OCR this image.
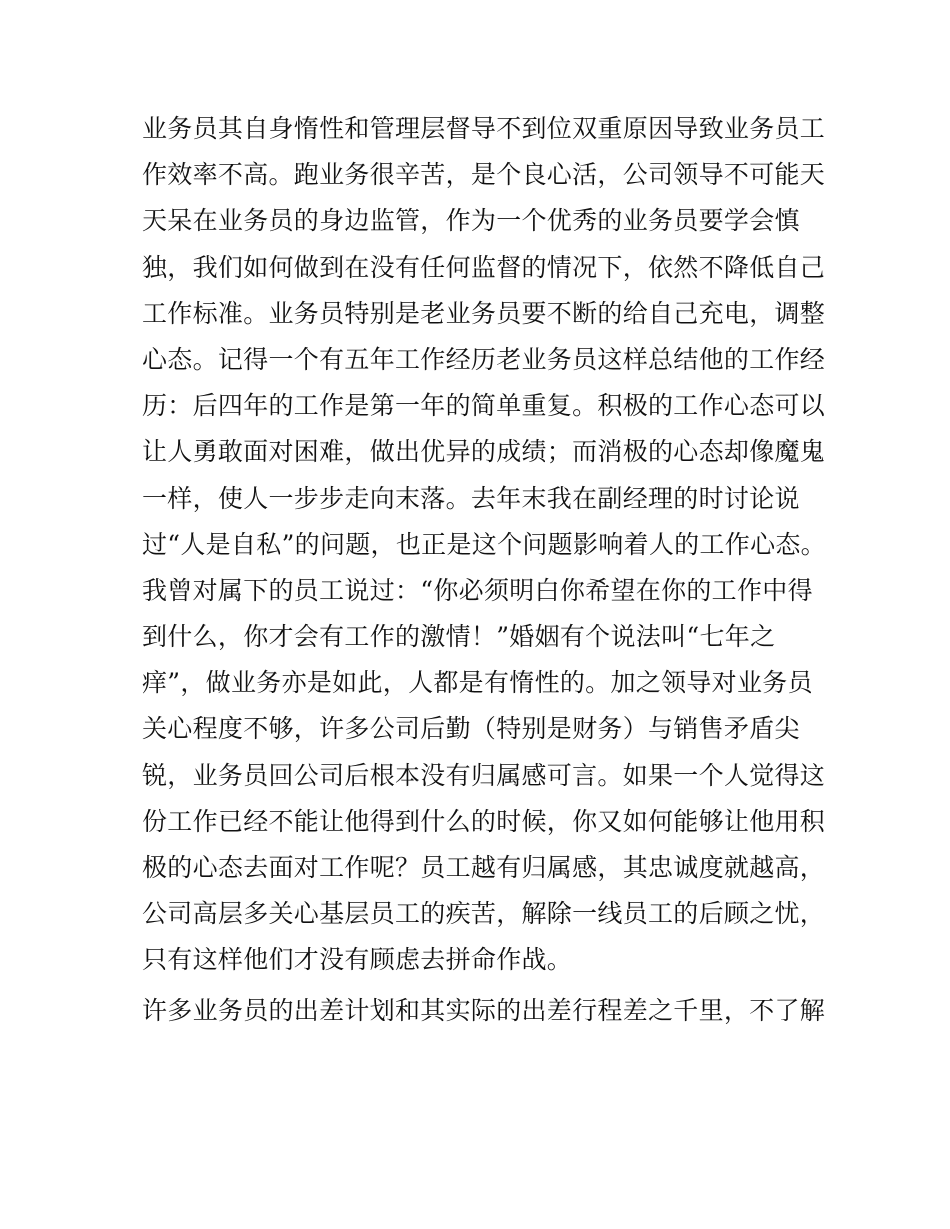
业务员其自身惰性和管理层督导不到位双重原因导致业务员工
作效率不高。跑业务很辛苦，是个良心活，公司领导不可能天
天呆在业务员的身边监管，作为一个优秀的业务员要学会慎
独，我们如何做到在没有任何监督的情况下，依然不降低自己
工作标准。业务员特别是老业务员要不断的给自己充电，调整
心态。记得一个有五年工作经历老业务员这样总结他的工作经
历：后四年的工作是第一年的简单重复。积极的工作心态可以
让人勇敢面对困难，做出优异的成绩；而消极的心态却像魔鬼
一样，使人一步步走向末落。去年末我在副经理的时讨论说
过“人是自私”的问题，也正是这个问题影响着人的工作心态。
我曾对属下的员工说过：“你必须明白你希望在你的工作中得
到什么，你才会有工作的激情！”婚姻有个说法叫“七年之
痒”，做业务亦是如此，人都是有惰性的。加之领导对业务员
关心程度不够，许多公司后勤（特别是财务）与销售矛盾尖
锐，业务员回公司后根本没有归属感可言。如果一个人觉得这
份工作已经不能让他得到什么的时候，你又如何能够让他用积
极的心态去面对工作呢？员工越有归属感，其忠诚度就越高，
公司高层多关心基层员工的疾苦，解除一线员工的后顾之忧，
只有这样他们才没有顾虑去拼命作战。
许多业务员的出差计划和其实际的出差行程差之千里，不了解
